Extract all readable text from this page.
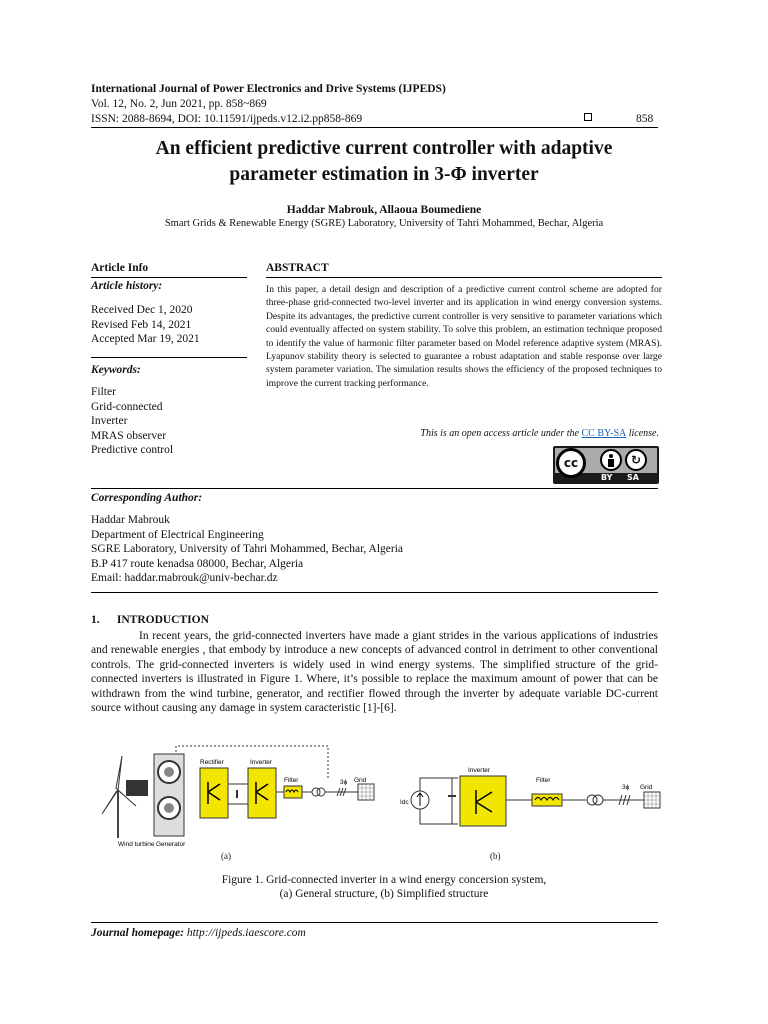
International Journal of Power Electronics and Drive Systems (IJPEDS)
Vol. 12, No. 2, Jun 2021, pp. 858~869
ISSN: 2088-8694, DOI: 10.11591/ijpeds.v12.i2.pp858-869	858
An efficient predictive current controller with adaptive
parameter estimation in 3-Φ inverter
Haddar Mabrouk, Allaoua Boumediene
Smart Grids & Renewable Energy (SGRE) Laboratory, University of Tahri Mohammed, Bechar, Algeria
Article Info
Article history:
Received Dec 1, 2020
Revised Feb 14, 2021
Accepted Mar 19, 2021
Keywords:
Filter
Grid-connected
Inverter
MRAS observer
Predictive control
ABSTRACT
In this paper, a detail design and description of a predictive current control scheme are adopted for three-phase grid-connected two-level inverter and its application in wind energy conversion systems. Despite its advantages, the predictive current controller is very sensitive to parameter variations which could eventually affected on system stability. To solve this problem, an estimation technique proposed to identify the value of harmonic filter parameter based on Model reference adaptive system (MRAS). Lyapunov stability theory is selected to guarantee a robust adaptation and stable response over large system parameter variation. The simulation results shows the efficiency of the proposed techniques to improve the current tracking performance.
This is an open access article under the CC BY-SA license.
cc	↻
BY SA
Corresponding Author:
Haddar Mabrouk
Department of Electrical Engineering
SGRE Laboratory, University of Tahri Mohammed, Bechar, Algeria
B.P 417 route kenadsa 08000, Bechar, Algeria
Email: haddar.mabrouk@univ-bechar.dz
1.      INTRODUCTION
In recent years, the grid-connected inverters have made a giant strides in the various applications of industries and renewable energies , that embody by introduce a new concepts of advanced control in detriment to other conventional controls. The grid-connected inverters is widely used in wind energy systems. The simplified structure of the grid-connected inverters is illustrated in Figure 1. Where, it’s possible to replace the maximum amount of power that can be withdrawn from the wind turbine, generator, and rectifier flowed through the inverter by adequate variable DC-current source without causing any damage in system caracteristic [1]-[6].
Rectifier	Inverter
Filter	3ϕ Grid
Wind turbine Generator
(a)
Inverter
Filter
3ϕ Grid
Idc
(b)
Figure 1. Grid-connected inverter in a wind energy concersion system,
(a) General structure, (b) Simplified structure
Journal homepage: http://ijpeds.iaescore.com
